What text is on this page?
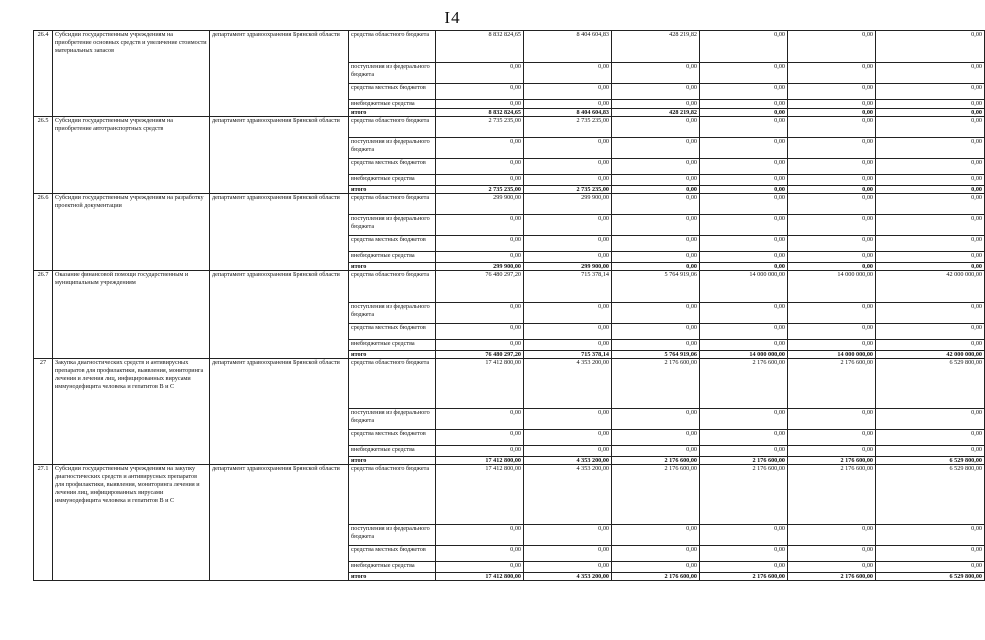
I4
26.4	Субсидии государственным учреждениям на приобретение основных средств и увеличение стоимости материальных запасов	департамент здравоохранения Брянской области	средства областного бюджета	8 832 824,65	8 404 604,83	428 219,82	0,00	0,00	0,00
			поступления из федерального бюджета	0,00	0,00	0,00	0,00	0,00	0,00
			средства местных бюджетов	0,00	0,00	0,00	0,00	0,00	0,00
			внебюджетные средства	0,00	0,00	0,00	0,00	0,00	0,00
			итого	8 832 824,65	8 404 604,83	428 219,82	0,00	0,00	0,00
26.5	Субсидии государственным учреждениям на приобретение автотранспортных средств	департамент здравоохранения Брянской области	средства областного бюджета	2 735 235,00	2 735 235,00	0,00	0,00	0,00	0,00
			поступления из федерального бюджета	0,00	0,00	0,00	0,00	0,00	0,00
			средства местных бюджетов	0,00	0,00	0,00	0,00	0,00	0,00
			внебюджетные средства	0,00	0,00	0,00	0,00	0,00	0,00
			итого	2 735 235,00	2 735 235,00	0,00	0,00	0,00	0,00
26.6	Субсидии государственным учреждениям на разработку проектной документации	департамент здравоохранения Брянской области	средства областного бюджета	299 900,00	299 900,00	0,00	0,00	0,00	0,00
			поступления из федерального бюджета	0,00	0,00	0,00	0,00	0,00	0,00
			средства местных бюджетов	0,00	0,00	0,00	0,00	0,00	0,00
			внебюджетные средства	0,00	0,00	0,00	0,00	0,00	0,00
			итого	299 900,00	299 900,00	0,00	0,00	0,00	0,00
26.7	Оказание финансовой помощи государственным и муниципальным учреждениям	департамент здравоохранения Брянской области	средства областного бюджета	76 480 297,20	715 378,14	5 764 919,06	14 000 000,00	14 000 000,00	42 000 000,00
			поступления из федерального бюджета	0,00	0,00	0,00	0,00	0,00	0,00
			средства местных бюджетов	0,00	0,00	0,00	0,00	0,00	0,00
			внебюджетные средства	0,00	0,00	0,00	0,00	0,00	0,00
			итого	76 480 297,20	715 378,14	5 764 919,06	14 000 000,00	14 000 000,00	42 000 000,00
27	Закупка диагностических средств и антивирусных препаратов для профилактики, выявления, мониторинга лечения и лечения лиц, инфицированных вирусами иммунодефицита человека и гепатитов B и C	департамент здравоохранения Брянской области	средства областного бюджета	17 412 800,00	4 353 200,00	2 176 600,00	2 176 600,00	2 176 600,00	6 529 800,00
			поступления из федерального бюджета	0,00	0,00	0,00	0,00	0,00	0,00
			средства местных бюджетов	0,00	0,00	0,00	0,00	0,00	0,00
			внебюджетные средства	0,00	0,00	0,00	0,00	0,00	0,00
			итого	17 412 800,00	4 353 200,00	2 176 600,00	2 176 600,00	2 176 600,00	6 529 800,00
27.1	Субсидии государственным учреждениям на закупку диагностических средств и антивирусных препаратов для профилактики, выявления, мониторинга лечения и лечения лиц, инфицированных вирусами иммунодефицита человека и гепатитов B и C	департамент здравоохранения Брянской области	средства областного бюджета	17 412 800,00	4 353 200,00	2 176 600,00	2 176 600,00	2 176 600,00	6 529 800,00
			поступления из федерального бюджета	0,00	0,00	0,00	0,00	0,00	0,00
			средства местных бюджетов	0,00	0,00	0,00	0,00	0,00	0,00
			внебюджетные средства	0,00	0,00	0,00	0,00	0,00	0,00
			итого	17 412 800,00	4 353 200,00	2 176 600,00	2 176 600,00	2 176 600,00	6 529 800,00
